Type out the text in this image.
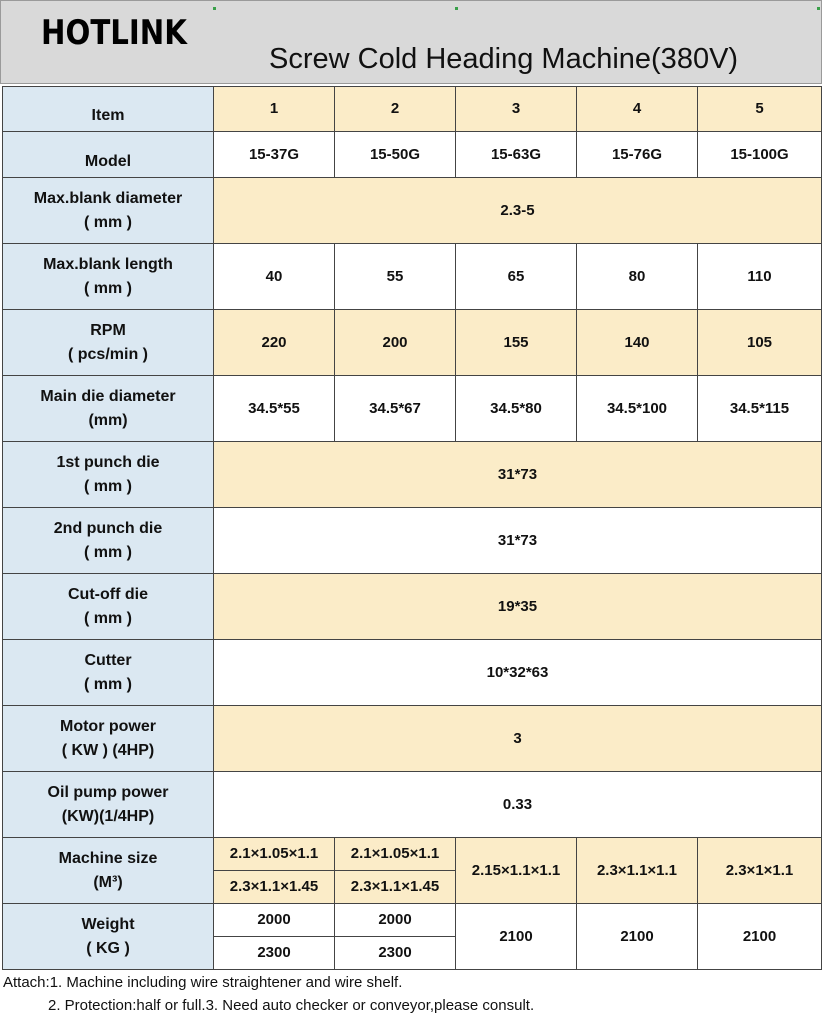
HOTLINK
Screw Cold Heading Machine(380V)
Item	1	2	3	4	5

Model	15-37G	15-50G	15-63G	15-76G	15-100G

Max.blank diameter
( mm )	2.3-5				

Max.blank length
( mm )	40	55	65	80	110

RPM
( pcs/min )	220	200	155	140	105

Main die diameter
(mm)	34.5*55	34.5*67	34.5*80	34.5*100	34.5*115

1st punch die
( mm )	31*73				

2nd punch die
( mm )	31*73				

Cut-off die
( mm )	19*35				

Cutter
( mm )	10*32*63				

Motor power
( KW ) (4HP)	3				

Oil pump power
(KW)(1/4HP)	0.33				

Machine size
(M³)	2.1×1.05×1.1	2.1×1.05×1.1	2.15×1.1×1.1	2.3×1.1×1.1	2.3×1×1.1
	2.3×1.1×1.45	2.3×1.1×1.45			

Weight
( KG )	2000	2000	2100	2100	2100
	2300	2300			
Attach:1. Machine including wire straightener and wire shelf.
2. Protection:half or full.3. Need auto checker or conveyor,please consult.
